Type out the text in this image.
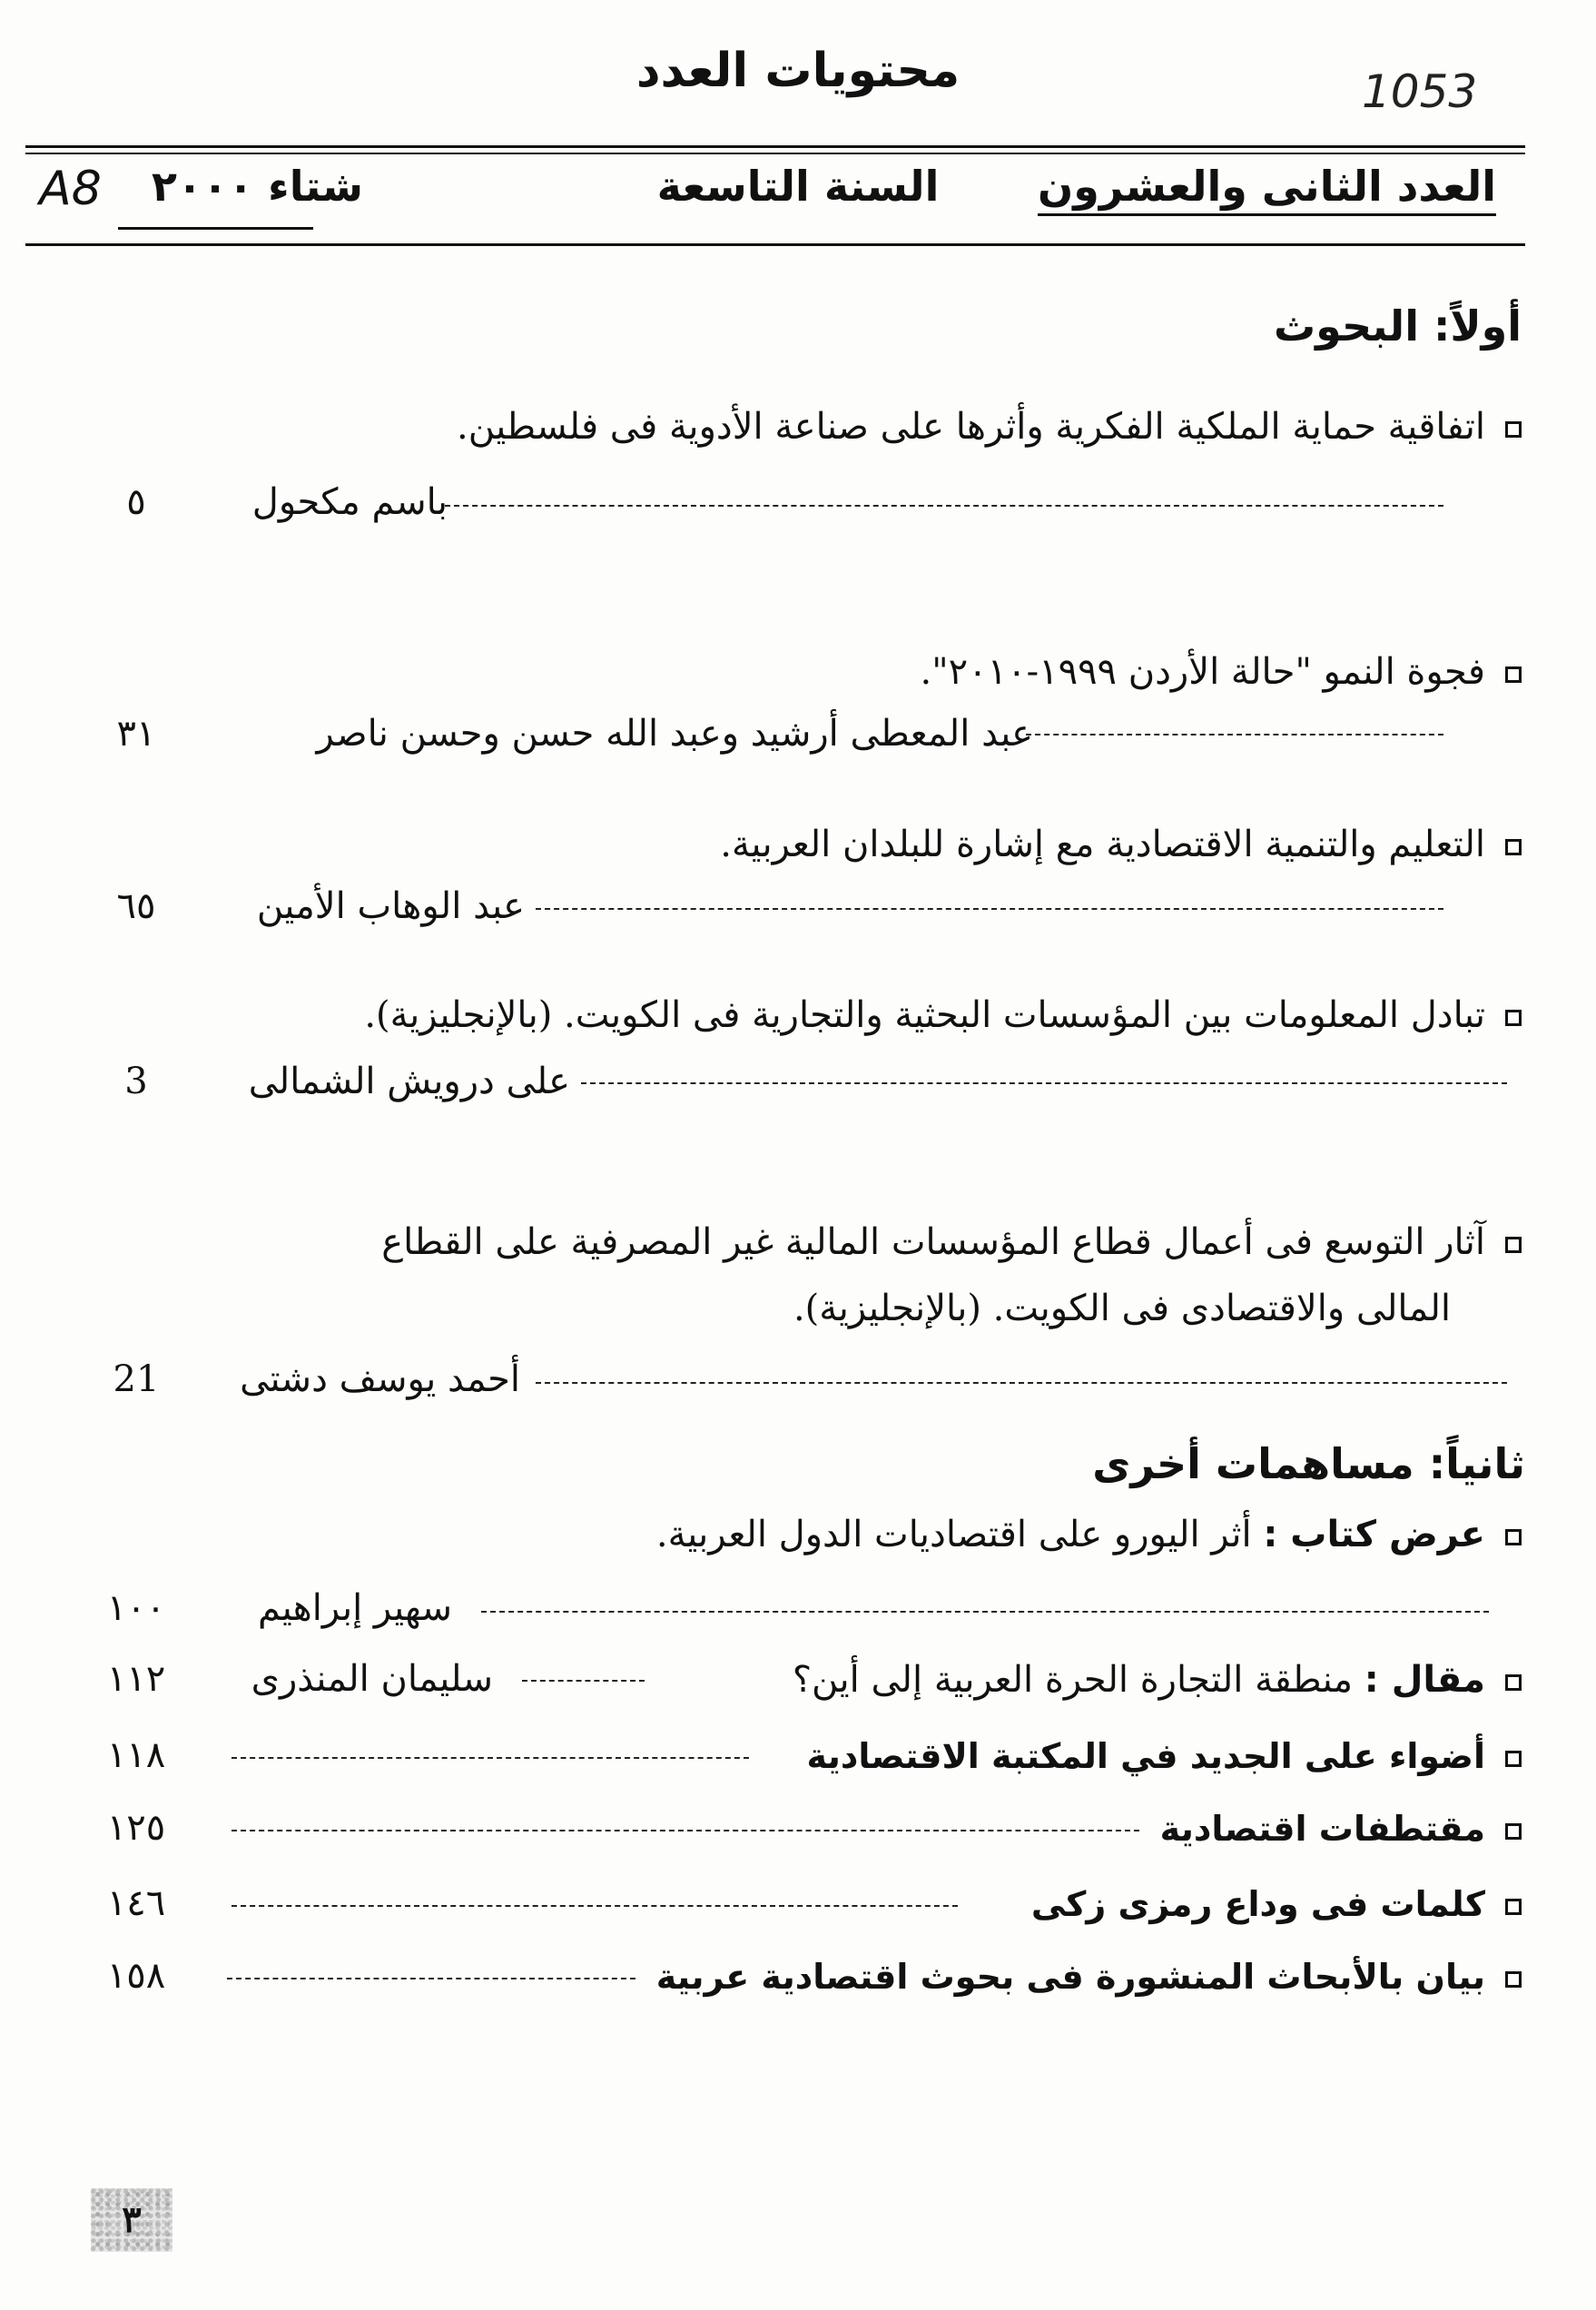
محتويات العدد	1053
العدد الثانى والعشرون
السنة التاسعة
شتاء ٢٠٠٠
A8
أولاً: البحوث
اتفاقية حماية الملكية الفكرية وأثرها على صناعة الأدوية فى فلسطين.
باسم مكحول
٥
فجوة النمو "حالة الأردن ١٩٩٩-٢٠١٠".
عبد المعطى أرشيد وعبد الله حسن وحسن ناصر
٣١
التعليم والتنمية الاقتصادية مع إشارة للبلدان العربية.
عبد الوهاب الأمين
٦٥
تبادل المعلومات بين المؤسسات البحثية والتجارية فى الكويت. (بالإنجليزية).
على درويش الشمالى
3
آثار التوسع فى أعمال قطاع المؤسسات المالية غير المصرفية على القطاع
المالى والاقتصادى فى الكويت. (بالإنجليزية).
أحمد يوسف دشتى
21
ثانياً: مساهمات أخرى
عرض كتاب : أثر اليورو على اقتصاديات الدول العربية.
سهير إبراهيم
١٠٠
مقال : منطقة التجارة الحرة العربية إلى أين؟
سليمان المنذرى
١١٢
أضواء على الجديد في المكتبة الاقتصادية
١١٨
مقتطفات اقتصادية
١٢٥
كلمات فى وداع رمزى زكى
١٤٦
بيان بالأبحاث المنشورة فى بحوث اقتصادية عربية
١٥٨
٣
